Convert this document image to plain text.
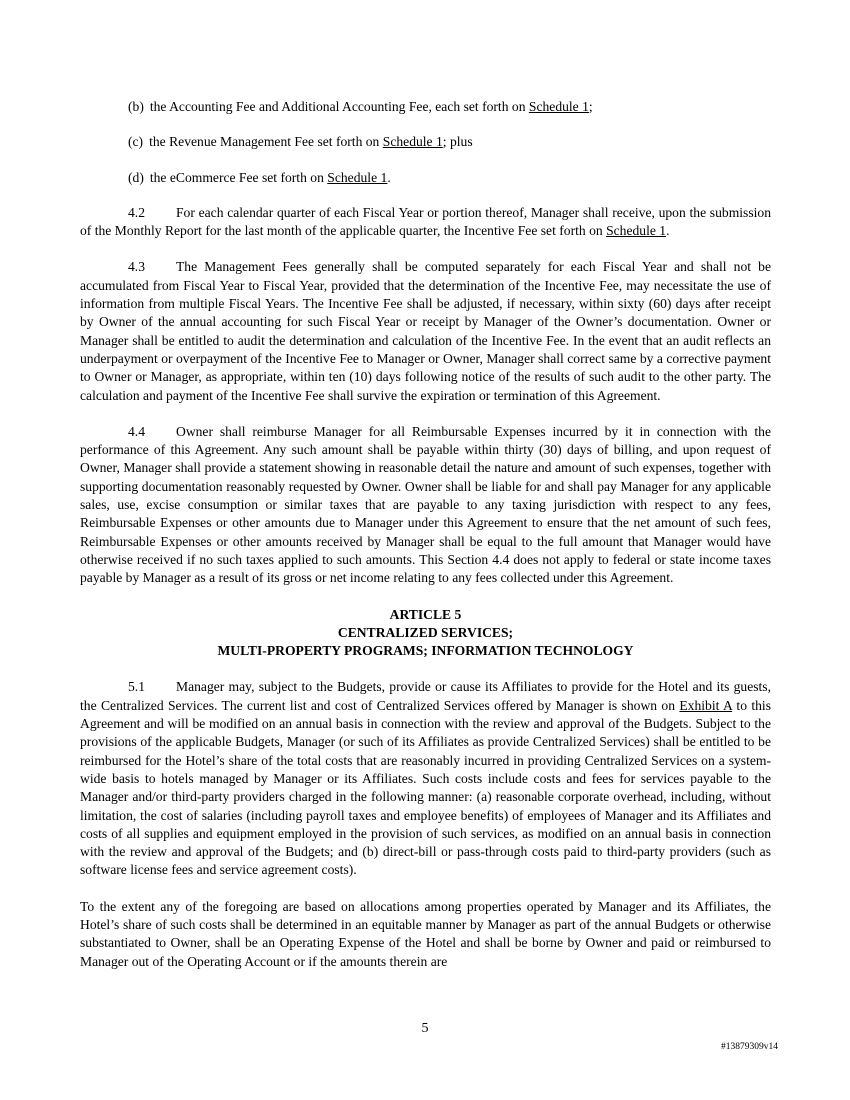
(b) the Accounting Fee and Additional Accounting Fee, each set forth on Schedule 1;
(c) the Revenue Management Fee set forth on Schedule 1; plus
(d) the eCommerce Fee set forth on Schedule 1.

4.2 For each calendar quarter of each Fiscal Year or portion thereof, Manager shall receive, upon the submission of the Monthly Report for the last month of the applicable quarter, the Incentive Fee set forth on Schedule 1.

4.3 The Management Fees generally shall be computed separately for each Fiscal Year and shall not be accumulated from Fiscal Year to Fiscal Year, provided that the determination of the Incentive Fee, may necessitate the use of information from multiple Fiscal Years. The Incentive Fee shall be adjusted, if necessary, within sixty (60) days after receipt by Owner of the annual accounting for such Fiscal Year or receipt by Manager of the Owner’s documentation. Owner or Manager shall be entitled to audit the determination and calculation of the Incentive Fee. In the event that an audit reflects an underpayment or overpayment of the Incentive Fee to Manager or Owner, Manager shall correct same by a corrective payment to Owner or Manager, as appropriate, within ten (10) days following notice of the results of such audit to the other party. The calculation and payment of the Incentive Fee shall survive the expiration or termination of this Agreement.

4.4 Owner shall reimburse Manager for all Reimbursable Expenses incurred by it in connection with the performance of this Agreement. Any such amount shall be payable within thirty (30) days of billing, and upon request of Owner, Manager shall provide a statement showing in reasonable detail the nature and amount of such expenses, together with supporting documentation reasonably requested by Owner. Owner shall be liable for and shall pay Manager for any applicable sales, use, excise consumption or similar taxes that are payable to any taxing jurisdiction with respect to any fees, Reimbursable Expenses or other amounts due to Manager under this Agreement to ensure that the net amount of such fees, Reimbursable Expenses or other amounts received by Manager shall be equal to the full amount that Manager would have otherwise received if no such taxes applied to such amounts. This Section 4.4 does not apply to federal or state income taxes payable by Manager as a result of its gross or net income relating to any fees collected under this Agreement.

ARTICLE 5
CENTRALIZED SERVICES;
MULTI-PROPERTY PROGRAMS; INFORMATION TECHNOLOGY

5.1 Manager may, subject to the Budgets, provide or cause its Affiliates to provide for the Hotel and its guests, the Centralized Services. The current list and cost of Centralized Services offered by Manager is shown on Exhibit A to this Agreement and will be modified on an annual basis in connection with the review and approval of the Budgets. Subject to the provisions of the applicable Budgets, Manager (or such of its Affiliates as provide Centralized Services) shall be entitled to be reimbursed for the Hotel’s share of the total costs that are reasonably incurred in providing Centralized Services on a system-wide basis to hotels managed by Manager or its Affiliates. Such costs include costs and fees for services payable to the Manager and/or third-party providers charged in the following manner: (a) reasonable corporate overhead, including, without limitation, the cost of salaries (including payroll taxes and employee benefits) of employees of Manager and its Affiliates and costs of all supplies and equipment employed in the provision of such services, as modified on an annual basis in connection with the review and approval of the Budgets; and (b) direct-bill or pass-through costs paid to third-party providers (such as software license fees and service agreement costs).

To the extent any of the foregoing are based on allocations among properties operated by Manager and its Affiliates, the Hotel’s share of such costs shall be determined in an equitable manner by Manager as part of the annual Budgets or otherwise substantiated to Owner, shall be an Operating Expense of the Hotel and shall be borne by Owner and paid or reimbursed to Manager out of the Operating Account or if the amounts therein are

5
#13879309v14
